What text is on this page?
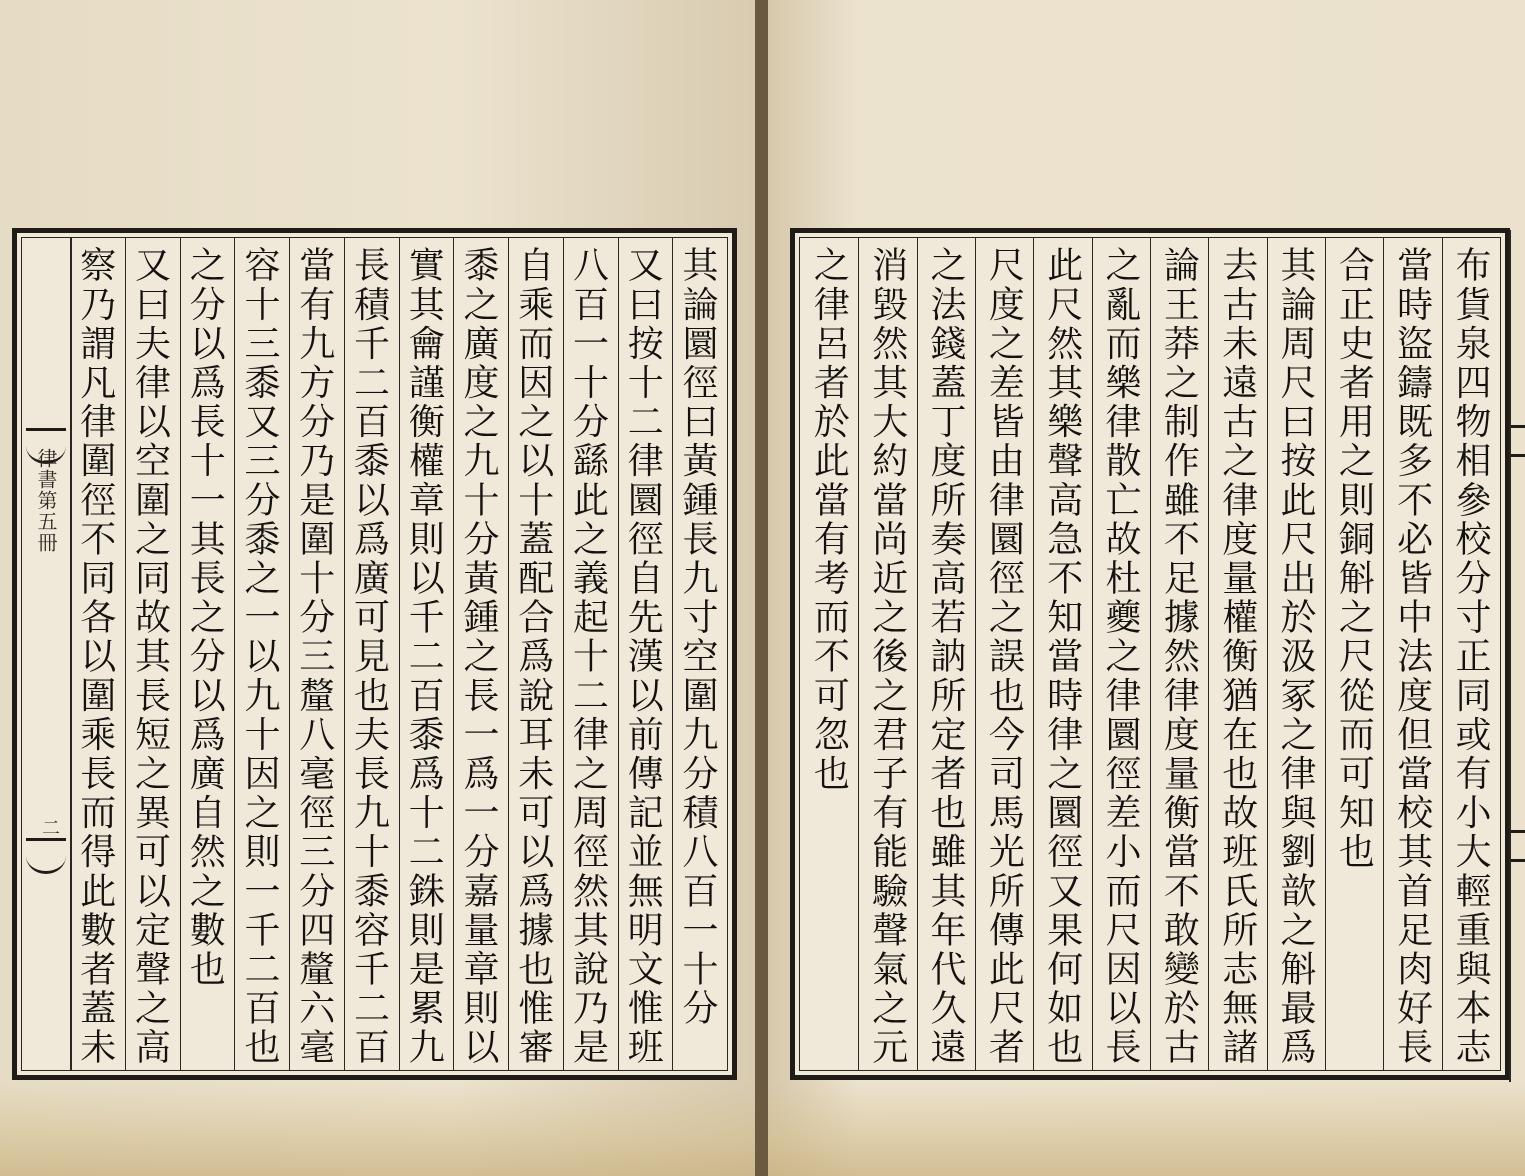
律書第五冊
二	其論圜徑曰黃鍾長九寸空圍九分積八百一十分
又曰按十二律圜徑自先漢以前傳記並無明文惟班
八百一十分繇此之義起十二律之周徑然其說乃是
自乘而因之以十蓋配合爲說耳未可以爲據也惟審
黍之廣度之九十分黃鍾之長一爲一分嘉量章則以
實其龠謹衡權章則以千二百黍爲十二銖則是累九
長積千二百黍以爲廣可見也夫長九十黍容千二百
當有九方分乃是圍十分三釐八毫徑三分四釐六毫
容十三黍又三分黍之一以九十因之則一千二百也
之分以爲長十一其長之分以爲廣自然之數也
又曰夫律以空圍之同故其長短之異可以定聲之高
察乃謂凡律圍徑不同各以圍乘長而得此數者蓋未
布貨泉四物相參校分寸正同或有小大輕重與本志
當時盜鑄既多不必皆中法度但當校其首足肉好長
合正史者用之則銅斛之尺從而可知也
其論周尺曰按此尺出於汲冢之律與劉歆之斛最爲
去古未遠古之律度量權衡猶在也故班氏所志無諸
論王莽之制作雖不足據然律度量衡當不敢變於古
之亂而樂律散亡故杜夔之律圜徑差小而尺因以長
此尺然其樂聲高急不知當時律之圜徑又果何如也
尺度之差皆由律圜徑之誤也今司馬光所傳此尺者
之法錢蓋丁度所奏高若訥所定者也雖其年代久遠
消毀然其大約當尚近之後之君子有能驗聲氣之元
之律呂者於此當有考而不可忽也
